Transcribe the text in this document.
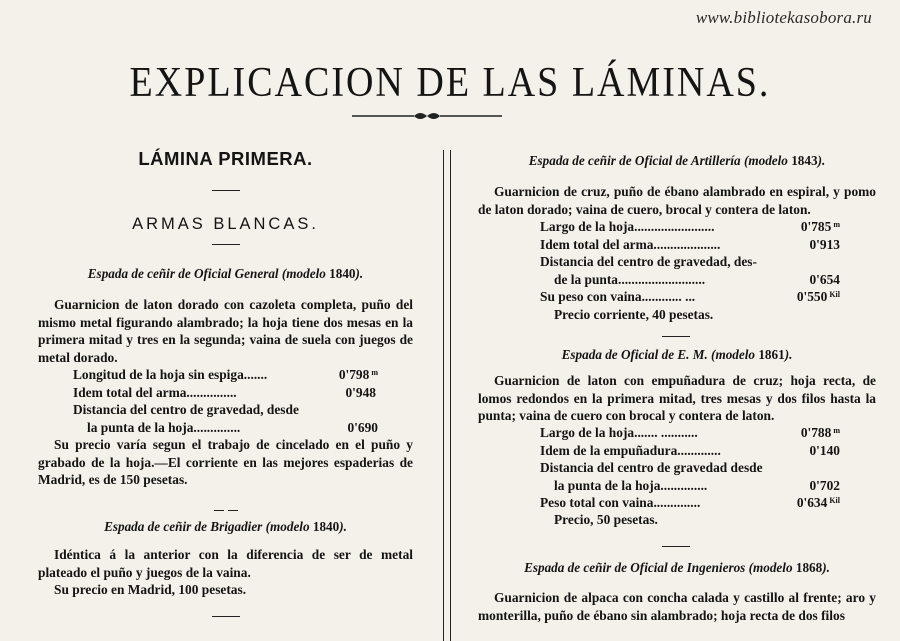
www.bibliotekasobora.ru
EXPLICACION DE LAS LÁMINAS.
LÁMINA PRIMERA.
ARMAS BLANCAS.
Espada de ceñir de Oficial General (modelo 1840).

Guarnicion de laton dorado con cazoleta completa, puño del mismo metal figurando alambrado; la hoja tiene dos mesas en la primera mitad y tres en la segunda; vaina de suela con juegos de metal dorado.

Longitud de la hoja sin espiga.......	0'798 $^m$
Idem total del arma...............	0'948
Distancia del centro de gravedad, desde
la punta de la hoja..............	0'690

Su precio varía segun el trabajo de cincelado en el puño y grabado de la hoja.—El corriente en las mejores espaderias de Madrid, es de 150 pesetas.

Espada de ceñir de Brigadier (modelo 1840).

Idéntica á la anterior con la diferencia de ser de metal plateado el puño y juegos de la vaina.

Su precio en Madrid, 100 pesetas.
Espada de ceñir de Oficial de Artillería (modelo 1843).

Guarnicion de cruz, puño de ébano alambrado en espiral, y pomo de laton dorado; vaina de cuero, brocal y contera de laton.

Largo de la hoja........................	0'785 $^m$
Idem total del arma....................	0'913
Distancia del centro de gravedad, des-
de la punta..........................	0'654
Su peso con vaina............ ...	0'550 $^{Kil}$
Precio corriente, 40 pesetas.
Espada de Oficial de E. M. (modelo 1861).

Guarnicion de laton con empuñadura de cruz; hoja recta, de lomos redondos en la primera mitad, tres mesas y dos filos hasta la punta; vaina de cuero con brocal y contera de laton.

Largo de la hoja....... ...........	0'788 $^m$
Idem de la empuñadura.............	0'140
Distancia del centro de gravedad desde
la punta de la hoja..............	0'702
Peso total con vaina..............	0'634 $^{Kil}$
Precio, 50 pesetas.
Espada de ceñir de Oficial de Ingenieros (modelo 1868).

Guarnicion de alpaca con concha calada y castillo al frente; aro y monterilla, puño de ébano sin alambrado; hoja recta de dos filos
